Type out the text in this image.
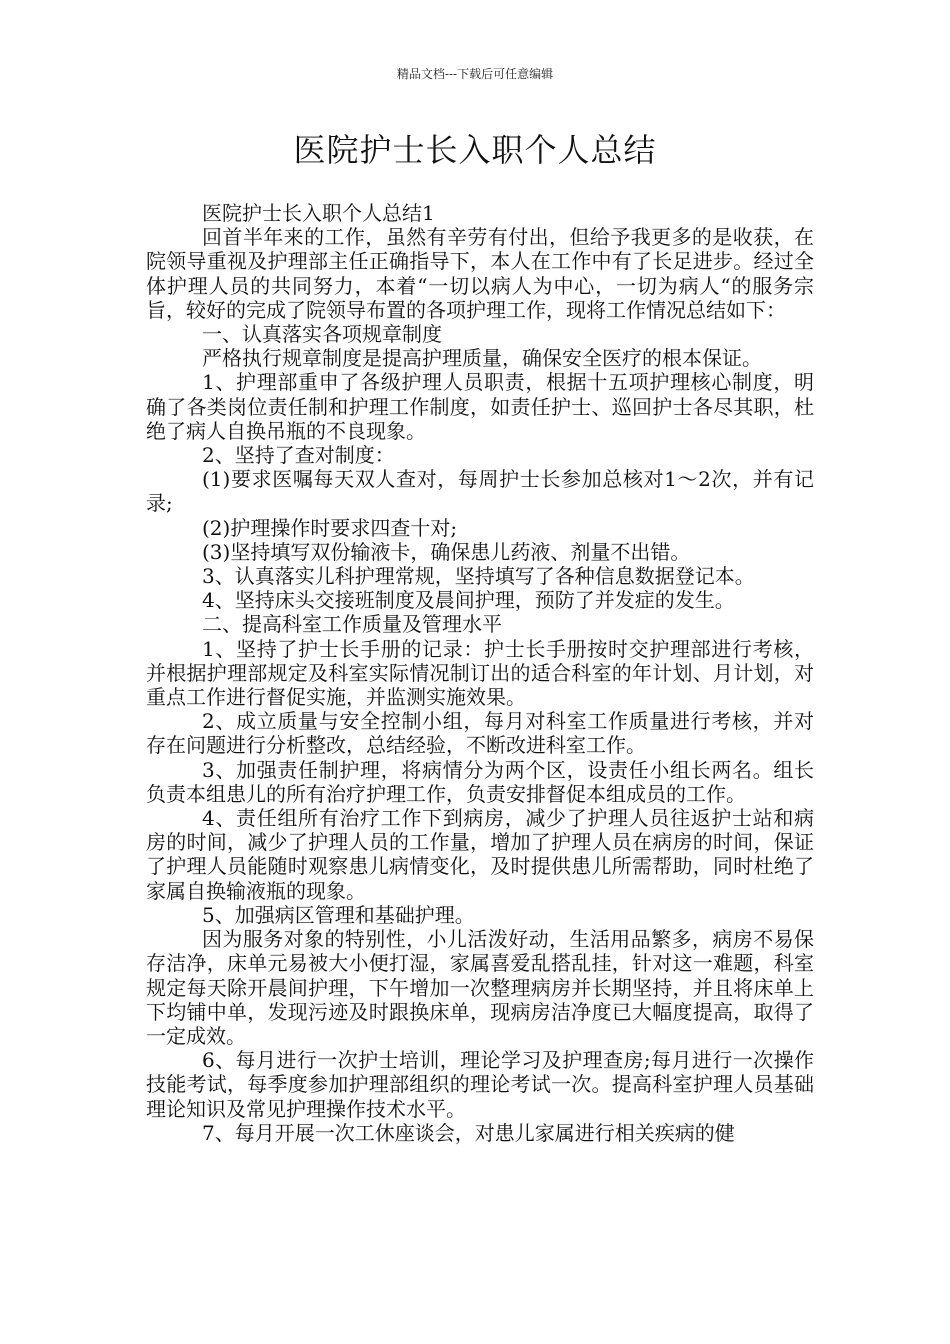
精品文档---下载后可任意编辑
医院护士长入职个人总结

医院护士长入职个人总结1

回首半年来的工作，虽然有辛劳有付出，但给予我更多的是收获，在院领导重视及护理部主任正确指导下，本人在工作中有了长足进步。经过全体护理人员的共同努力，本着“一切以病人为中心，一切为病人“的服务宗旨，较好的完成了院领导布置的各项护理工作，现将工作情况总结如下：

一、认真落实各项规章制度

严格执行规章制度是提高护理质量，确保安全医疗的根本保证。

1、护理部重申了各级护理人员职责，根据十五项护理核心制度，明确了各类岗位责任制和护理工作制度，如责任护士、巡回护士各尽其职，杜绝了病人自换吊瓶的不良现象。

2、坚持了查对制度：

(1)要求医嘱每天双人查对，每周护士长参加总核对1～2次，并有记录;

(2)护理操作时要求四查十对;

(3)坚持填写双份输液卡，确保患儿药液、剂量不出错。

3、认真落实儿科护理常规，坚持填写了各种信息数据登记本。

4、坚持床头交接班制度及晨间护理，预防了并发症的发生。

二、提高科室工作质量及管理水平

1、坚持了护士长手册的记录：护士长手册按时交护理部进行考核，并根据护理部规定及科室实际情况制订出的适合科室的年计划、月计划，对重点工作进行督促实施，并监测实施效果。

2、成立质量与安全控制小组，每月对科室工作质量进行考核，并对存在问题进行分析整改，总结经验，不断改进科室工作。

3、加强责任制护理，将病情分为两个区，设责任小组长两名。组长负责本组患儿的所有治疗护理工作，负责安排督促本组成员的工作。

4、责任组所有治疗工作下到病房，减少了护理人员往返护士站和病房的时间，减少了护理人员的工作量，增加了护理人员在病房的时间，保证了护理人员能随时观察患儿病情变化，及时提供患儿所需帮助，同时杜绝了家属自换输液瓶的现象。

5、加强病区管理和基础护理。

因为服务对象的特别性，小儿活泼好动，生活用品繁多，病房不易保存洁净，床单元易被大小便打湿，家属喜爱乱搭乱挂，针对这一难题，科室规定每天除开晨间护理，下午增加一次整理病房并长期坚持，并且将床单上下均铺中单，发现污迹及时跟换床单，现病房洁净度已大幅度提高，取得了一定成效。

6、每月进行一次护士培训，理论学习及护理查房;每月进行一次操作技能考试，每季度参加护理部组织的理论考试一次。提高科室护理人员基础理论知识及常见护理操作技术水平。

7、每月开展一次工休座谈会，对患儿家属进行相关疾病的健
